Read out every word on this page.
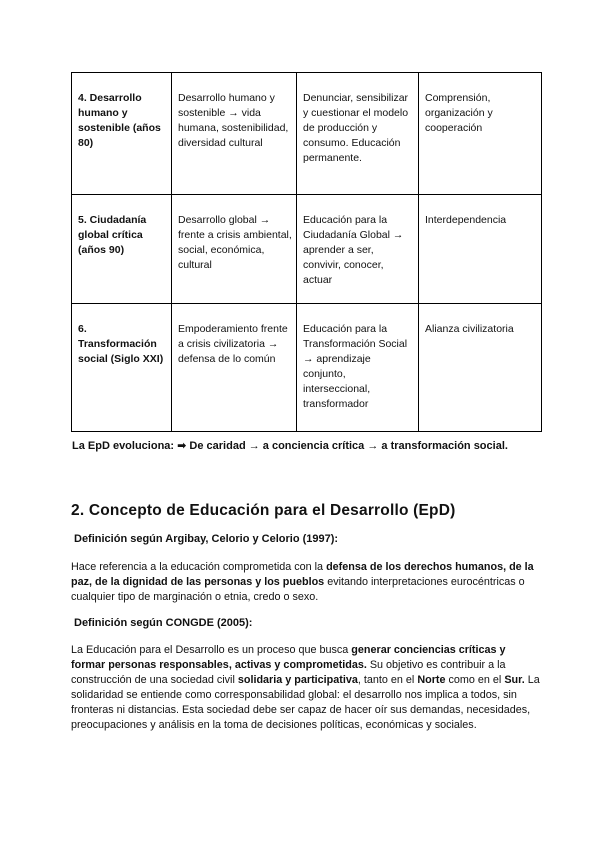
4. Desarrollo humano y sostenible (años 80)	Desarrollo humano y sostenible → vida humana, sostenibilidad, diversidad cultural	Denunciar, sensibilizar y cuestionar el modelo de producción y consumo. Educación permanente.	Comprensión, organización y cooperación
5. Ciudadanía global crítica (años 90)	Desarrollo global → frente a crisis ambiental, social, económica, cultural	Educación para la Ciudadanía Global → aprender a ser, convivir, conocer, actuar	Interdependencia
6. Transformación social (Siglo XXI)	Empoderamiento frente a crisis civilizatoria → defensa de lo común	Educación para la Transformación Social → aprendizaje conjunto, interseccional, transformador	Alianza civilizatoria
La EpD evoluciona: ➡ De caridad → a conciencia crítica → a transformación social.
2. Concepto de Educación para el Desarrollo (EpD)

Definición según Argibay, Celorio y Celorio (1997):

Hace referencia a la educación comprometida con la defensa de los derechos humanos, de la paz, de la dignidad de las personas y los pueblos evitando interpretaciones eurocéntricas o cualquier tipo de marginación o etnia, credo o sexo.

Definición según CONGDE (2005):

La Educación para el Desarrollo es un proceso que busca generar conciencias críticas y formar personas responsables, activas y comprometidas. Su objetivo es contribuir a la construcción de una sociedad civil solidaria y participativa, tanto en el Norte como en el Sur. La solidaridad se entiende como corresponsabilidad global: el desarrollo nos implica a todos, sin fronteras ni distancias. Esta sociedad debe ser capaz de hacer oír sus demandas, necesidades, preocupaciones y análisis en la toma de decisiones políticas, económicas y sociales.
